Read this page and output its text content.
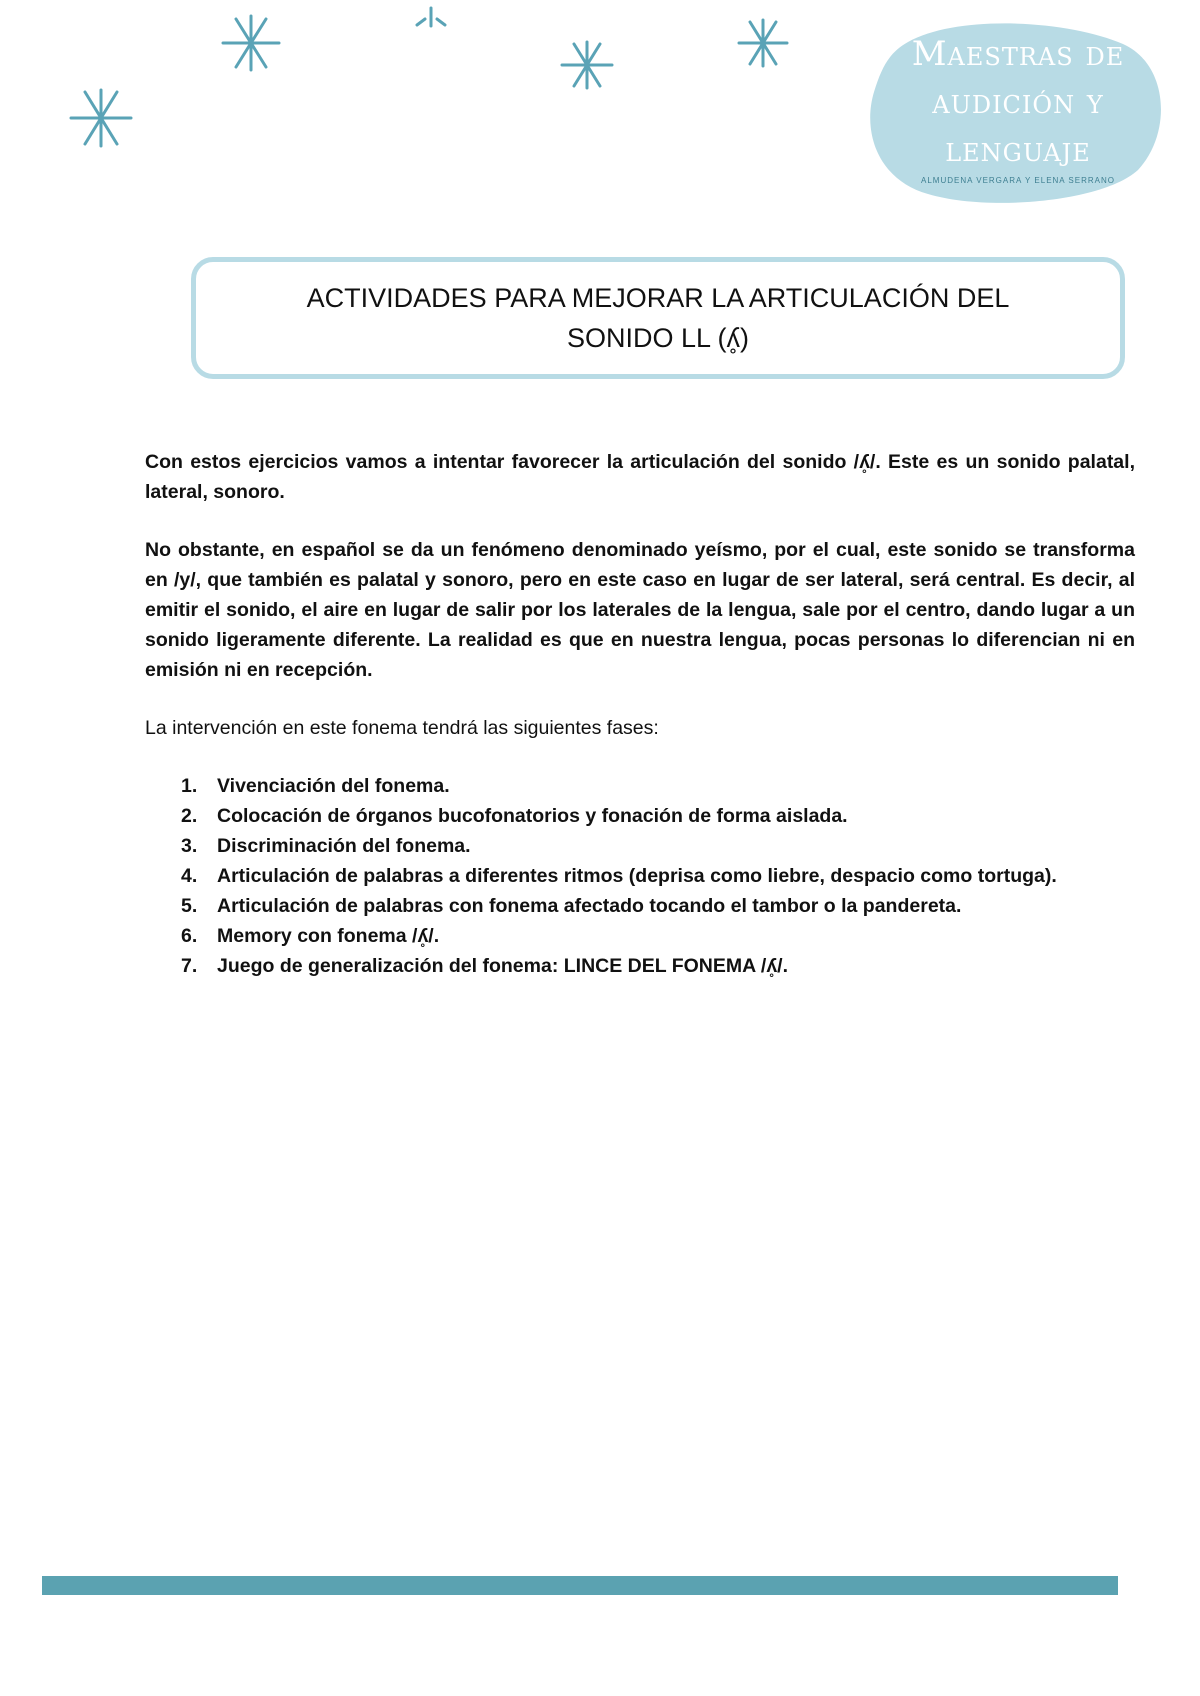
Maestras de
audición y
lenguaje
ALMUDENA VERGARA Y ELENA SERRANO
ACTIVIDADES PARA MEJORAR LA ARTICULACIÓN DEL SONIDO LL (ʎ̥)

Con estos ejercicios vamos a intentar favorecer la articulación del sonido /ʎ̥/. Este es un sonido palatal, lateral, sonoro.

No obstante, en español se da un fenómeno denominado yeísmo, por el cual, este sonido se transforma en /y/, que también es palatal y sonoro, pero en este caso en lugar de ser lateral, será central. Es decir, al emitir el sonido, el aire en lugar de salir por los laterales de la lengua, sale por el centro, dando lugar a un sonido ligeramente diferente. La realidad es que en nuestra lengua, pocas personas lo diferencian ni en emisión ni en recepción.

La intervención en este fonema tendrá las siguientes fases:

1. Vivenciación del fonema.
2. Colocación de órganos bucofonatorios y fonación de forma aislada.
3. Discriminación del fonema.
4. Articulación de palabras a diferentes ritmos (deprisa como liebre, despacio como tortuga).
5. Articulación de palabras con fonema afectado tocando el tambor o la pandereta.
6. Memory con fonema /ʎ̥/.
7. Juego de generalización del fonema: LINCE DEL FONEMA /ʎ̥/.
